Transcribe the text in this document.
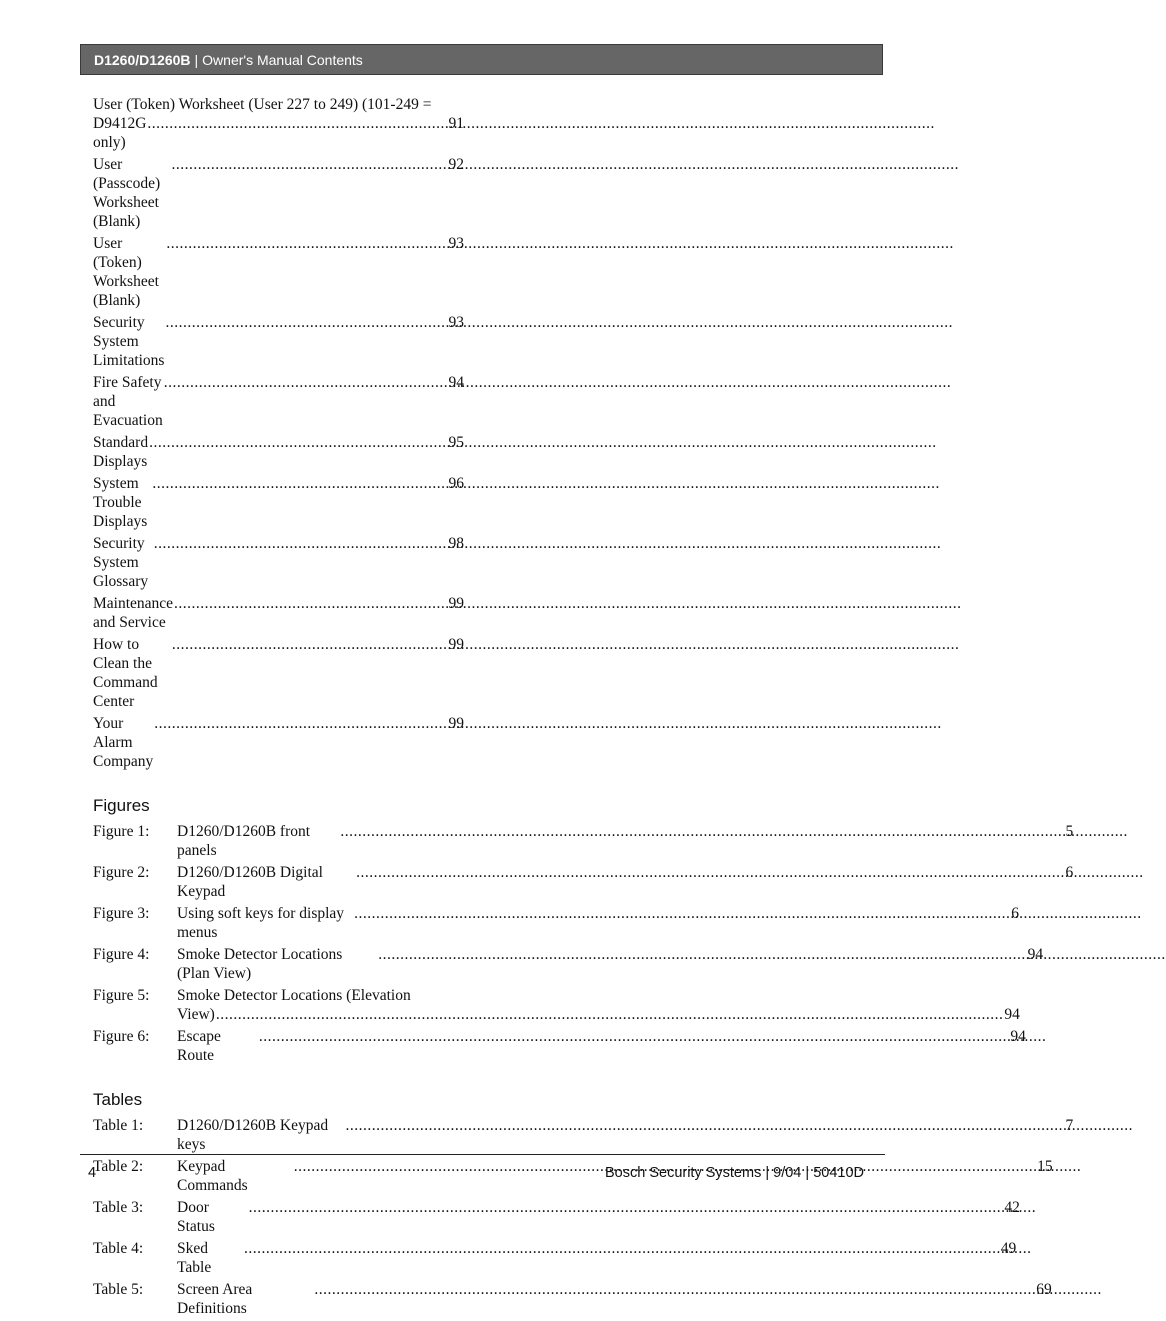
D1260/D1260B | Owner's Manual Contents
User (Token) Worksheet (User 227 to 249) (101-249 =
D9412G only)
.....
91
User (Passcode) Worksheet (Blank)
.....
92
User (Token) Worksheet (Blank)
.....
93
Security System Limitations
.....
93
Fire Safety and Evacuation
.....
94
Standard Displays
.....
95
System Trouble Displays
.....
96
Security System Glossary
.....
98
Maintenance and Service
.....
99
How to Clean the Command Center
.....
99
Your Alarm Company
.....
99
Figures
Figure 1:	D1260/D1260B front panels
.....
5
Figure 2:	D1260/D1260B Digital Keypad
.....
6
Figure 3:	Using soft keys for display menus
.....
6
Figure 4:	Smoke Detector Locations (Plan View)
.....
94
Figure 5:	Smoke Detector Locations (Elevation
View)
.....	94
Figure 6:	Escape Route
.....
94
Tables
Table 1:	D1260/D1260B Keypad keys
.....
7
Table 2:	Keypad Commands
.....
15
Table 3:	Door Status
.....
42
Table 4:	Sked Table
.....
49
Table 5:	Screen Area Definitions
.....
69
4	Bosch Security Systems | 9/04 | 50410D
